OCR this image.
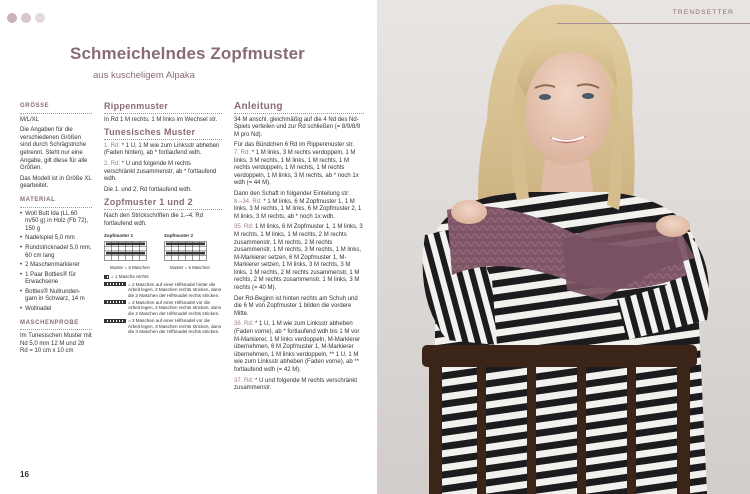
Schmeichelndes Zopfmuster
aus kuscheligem Alpaka
GRÖSSE
M/L/XL
Die Angaben für die verschiedenen Größen sind durch Schrägstriche getrennt. Steht nur eine Angabe, gilt diese für alle Größen.
Das Modell ist in Größe XL gearbeitet.
MATERIAL
• Woll Butt Ida (LL 60 m/50 g) in Holz (Fb 72), 150 g
• Nadelspiel 5,0 mm
• Rundstricknadel 5,0 mm, 60 cm lang
• 2 Maschenmarkierer
• 1 Paar Botties® für Erwachsene
• Botties® Nullrunden-garn in Schwarz, 14 m
• Wollnadel
MASCHENPROBE
Im Tunesischen Muster mit Nd 5,0 mm 12 M und 28 Rd = 10 cm x 10 cm
Rippenmuster
In Rd 1 M rechts, 1 M links im Wechsel str.
Tunesisches Muster
1. Rd: * 1 U, 1 M wie zum Linksstr abheben (Faden hinten), ab * fortlaufend wdh.
2. Rd: * U und folgende M rechts verschränkt zusammenstr, ab * fortlaufend wdh.
Die 1. und 2. Rd fortlaufend wdh.
Zopfmuster 1 und 2
Nach den Strickschriften die 1.–4. Rd fortlaufend wdh.
Zopfmuster 1
Muster = 6 Maschen
Zopfmuster 2
Muster = 6 Maschen
= 1 Masche rechts
= 2 Maschen auf einer Hilfsnadel hinter die Arbeit legen, 2 Maschen rechts stricken, dann die 2 Maschen der Hilfsnadel rechts stricken.
= 2 Maschen auf einer Hilfsnadel vor die Arbeit legen, 2 Maschen rechts stricken, dann die 2 Maschen der Hilfsnadel rechts stricken.
= 3 Maschen auf einer Hilfsnadel vor die Arbeit legen, 3 Maschen rechts stricken, dann die 3 Maschen der Hilfsnadel rechts stricken.
Anleitung
34 M anschl, gleichmäßig auf die 4 Nd des Nd-Spiels verteilen und zur Rd schließen (= 8/9/8/9 M pro Nd).
Für das Bündchen 6 Rd im Rippenmuster str.
7. Rd: * 1 M links, 3 M rechts verdoppeln, 1 M links, 3 M rechts, 1 M links, 1 M rechts, 1 M rechts verdoppeln, 1 M rechts, 1 M rechts verdoppeln, 1 M links, 3 M rechts, ab * noch 1x wdh (= 44 M).
Dann den Schaft in folgender Einteilung str:
8.–34. Rd: * 1 M links, 6 M Zopfmuster 1, 1 M links, 3 M rechts, 1 M links, 6 M Zopfmuster 2, 1 M links, 3 M rechts, ab * noch 1x wdh.
35. Rd: 1 M links, 6 M Zopfmuster 1, 1 M links, 3 M rechts, 1 M links, 1 M rechts, 2 M rechts zusammenstr, 1 M rechts, 2 M rechts zusammenstr, 1 M rechts, 3 M rechts, 1 M links, M-Markierer setzen, 6 M Zopfmuster 1, M-Markierer setzen, 1 M links, 3 M rechts, 3 M links, 1 M rechts, 2 M rechts zusammenstr, 1 M rechts, 2 M rechts zusammenstr, 1 M links, 3 M rechts (= 40 M).
Der Rd-Beginn ist hinten rechts am Schuh und die 6 M von Zopfmuster 1 bilden die vordere Mitte.
36. Rd: * 1 U, 1 M wie zum Linksstr abheben (Faden vorne), ab * fortlaufend wdh bis 1 M vor M-Markierer, 1 M links verdoppeln, M-Markierer übernehmen, 6 M Zopfmuster 1, M-Markierer übernehmen, 1 M links verdoppeln, ** 1 U, 1 M wie zum Linksstr abheben (Faden vorne), ab ** fortlaufend wdh (= 42 M).
37. Rd: * U und folgende M rechts verschränkt zusammenstr.
16
TRENDSETTER
